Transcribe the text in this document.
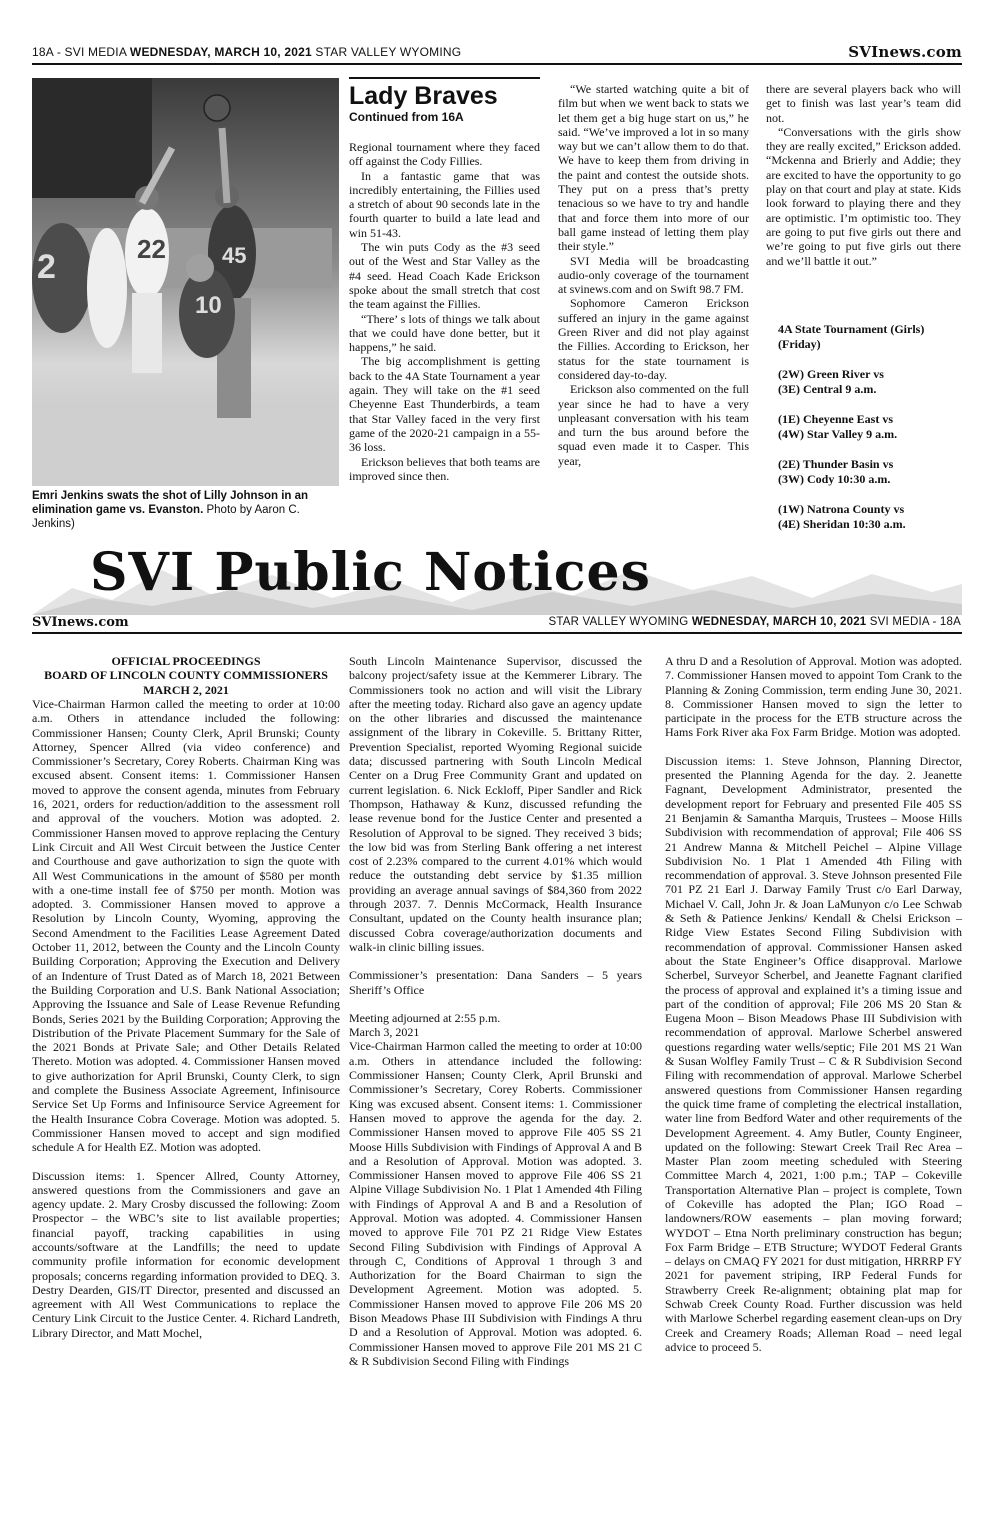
18A - SVI MEDIA WEDNESDAY, MARCH 10, 2021 STAR VALLEY WYOMING	SVInews.com
22	45
10
2
Emri Jenkins swats the shot of Lilly Johnson in an elimination game vs. Evanston. Photo by Aaron C. Jenkins)
Lady Braves
Continued from 16A

Regional tournament where they faced off against the Cody Fillies.

In a fantastic game that was incredibly entertaining, the Fillies used a stretch of about 90 seconds late in the fourth quarter to build a late lead and win 51-43.

The win puts Cody as the #3 seed out of the West and Star Valley as the #4 seed. Head Coach Kade Erickson spoke about the small stretch that cost the team against the Fillies.

“There’ s lots of things we talk about that we could have done better, but it happens,” he said.

The big accomplishment is getting back to the 4A State Tournament a year again. They will take on the #1 seed Cheyenne East Thunderbirds, a team that Star Valley faced in the very first game of the 2020-21 campaign in a 55-36 loss.

Erickson believes that both teams are improved since then.

“We started watching quite a bit of film but when we went back to stats we let them get a big huge start on us,” he said. “We’ve improved a lot in so many way but we can’t allow them to do that. We have to keep them from driving in the paint and contest the outside shots. They put on a press that’s pretty tenacious so we have to try and handle that and force them into more of our ball game instead of letting them play their style.”

SVI Media will be broadcasting audio-only coverage of the tournament at svinews.com and on Swift 98.7 FM.

Sophomore Cameron Erickson suffered an injury in the game against Green River and did not play against the Fillies. According to Erickson, her status for the state tournament is considered day-to-day.

Erickson also commented on the full year since he had to have a very unpleasant conversation with his team and turn the bus around before the squad even made it to Casper. This year,

there are several players back who will get to finish was last year’s team did not.

“Conversations with the girls show they are really excited,” Erickson added. “Mckenna and Brierly and Addie; they are excited to have the opportunity to go play on that court and play at state. Kids look forward to playing there and they are optimistic. I’m optimistic too. They are going to put five girls out there and we’re going to put five girls out there and we’ll battle it out.”

4A State Tournament (Girls)
(Friday)
(2W) Green River vs
(3E) Central 9 a.m.
(1E) Cheyenne East vs
(4W) Star Valley 9 a.m.
(2E) Thunder Basin vs
(3W) Cody 10:30 a.m.
(1W) Natrona County vs
(4E) Sheridan 10:30 a.m.
SVI Public Notices
SVInews.com	STAR VALLEY WYOMING WEDNESDAY, MARCH 10, 2021 SVI MEDIA - 18A
OFFICIAL PROCEEDINGS
BOARD OF LINCOLN COUNTY COMMISSIONERS
MARCH 2, 2021

Vice-Chairman Harmon called the meeting to order at 10:00 a.m. Others in attendance included the following: Commissioner Hansen; County Clerk, April Brunski; County Attorney, Spencer Allred (via video conference) and Commissioner’s Secretary, Corey Roberts. Chairman King was excused absent. Consent items: 1. Commissioner Hansen moved to approve the consent agenda, minutes from February 16, 2021, orders for reduction/addition to the assessment roll and approval of the vouchers. Motion was adopted. 2. Commissioner Hansen moved to approve replacing the Century Link Circuit and All West Circuit between the Justice Center and Courthouse and gave authorization to sign the quote with All West Communications in the amount of $580 per month with a one-time install fee of $750 per month. Motion was adopted. 3. Commissioner Hansen moved to approve a Resolution by Lincoln County, Wyoming, approving the Second Amendment to the Facilities Lease Agreement Dated October 11, 2012, between the County and the Lincoln County Building Corporation; Approving the Execution and Delivery of an Indenture of Trust Dated as of March 18, 2021 Between the Building Corporation and U.S. Bank National Association; Approving the Issuance and Sale of Lease Revenue Refunding Bonds, Series 2021 by the Building Corporation; Approving the Distribution of the Private Placement Summary for the Sale of the 2021 Bonds at Private Sale; and Other Details Related Thereto. Motion was adopted. 4. Commissioner Hansen moved to give authorization for April Brunski, County Clerk, to sign and complete the Business Associate Agreement, Infinisource Service Set Up Forms and Infinisource Service Agreement for the Health Insurance Cobra Coverage. Motion was adopted. 5. Commissioner Hansen moved to accept and sign modified schedule A for Health EZ. Motion was adopted.

Discussion items: 1. Spencer Allred, County Attorney, answered questions from the Commissioners and gave an agency update. 2. Mary Crosby discussed the following: Zoom Prospector – the WBC’s site to list available properties; financial payoff, tracking capabilities in using accounts/software at the Landfills; the need to update community profile information for economic development proposals; concerns regarding information provided to DEQ. 3. Destry Dearden, GIS/IT Director, presented and discussed an agreement with All West Communications to replace the Century Link Circuit to the Justice Center. 4. Richard Landreth, Library Director, and Matt Mochel,

South Lincoln Maintenance Supervisor, discussed the balcony project/safety issue at the Kemmerer Library. The Commissioners took no action and will visit the Library after the meeting today. Richard also gave an agency update on the other libraries and discussed the maintenance assignment of the library in Cokeville. 5. Brittany Ritter, Prevention Specialist, reported Wyoming Regional suicide data; discussed partnering with South Lincoln Medical Center on a Drug Free Community Grant and updated on current legislation. 6. Nick Eckloff, Piper Sandler and Rick Thompson, Hathaway & Kunz, discussed refunding the lease revenue bond for the Justice Center and presented a Resolution of Approval to be signed. They received 3 bids; the low bid was from Sterling Bank offering a net interest cost of 2.23% compared to the current 4.01% which would reduce the outstanding debt service by $1.35 million providing an average annual savings of $84,360 from 2022 through 2037. 7. Dennis McCormack, Health Insurance Consultant, updated on the County health insurance plan; discussed Cobra coverage/authorization documents and walk-in clinic billing issues.

Commissioner’s presentation: Dana Sanders – 5 years Sheriff’s Office

Meeting adjourned at 2:55 p.m.
March 3, 2021
Vice-Chairman Harmon called the meeting to order at 10:00 a.m. Others in attendance included the following: Commissioner Hansen; County Clerk, April Brunski and Commissioner’s Secretary, Corey Roberts. Commissioner King was excused absent. Consent items: 1. Commissioner Hansen moved to approve the agenda for the day. 2. Commissioner Hansen moved to approve File 405 SS 21 Moose Hills Subdivision with Findings of Approval A and B and a Resolution of Approval. Motion was adopted. 3. Commissioner Hansen moved to approve File 406 SS 21 Alpine Village Subdivision No. 1 Plat 1 Amended 4th Filing with Findings of Approval A and B and a Resolution of Approval. Motion was adopted. 4. Commissioner Hansen moved to approve File 701 PZ 21 Ridge View Estates Second Filing Subdivision with Findings of Approval A through C, Conditions of Approval 1 through 3 and Authorization for the Board Chairman to sign the Development Agreement. Motion was adopted. 5. Commissioner Hansen moved to approve File 206 MS 20 Bison Meadows Phase III Subdivision with Findings A thru D and a Resolution of Approval. Motion was adopted. 6. Commissioner Hansen moved to approve File 201 MS 21 C & R Subdivision Second Filing with Findings

A thru D and a Resolution of Approval. Motion was adopted. 7. Commissioner Hansen moved to appoint Tom Crank to the Planning & Zoning Commission, term ending June 30, 2021. 8. Commissioner Hansen moved to sign the letter to participate in the process for the ETB structure across the Hams Fork River aka Fox Farm Bridge. Motion was adopted.

Discussion items: 1. Steve Johnson, Planning Director, presented the Planning Agenda for the day. 2. Jeanette Fagnant, Development Administrator, presented the development report for February and presented File 405 SS 21 Benjamin & Samantha Marquis, Trustees – Moose Hills Subdivision with recommendation of approval; File 406 SS 21 Andrew Manna & Mitchell Peichel – Alpine Village Subdivision No. 1 Plat 1 Amended 4th Filing with recommendation of approval. 3. Steve Johnson presented File 701 PZ 21 Earl J. Darway Family Trust c/o Earl Darway, Michael V. Call, John Jr. & Joan LaMunyon c/o Lee Schwab & Seth & Patience Jenkins/ Kendall & Chelsi Erickson – Ridge View Estates Second Filing Subdivision with recommendation of approval. Commissioner Hansen asked about the State Engineer’s Office disapproval. Marlowe Scherbel, Surveyor Scherbel, and Jeanette Fagnant clarified the process of approval and explained it’s a timing issue and part of the condition of approval; File 206 MS 20 Stan & Eugena Moon – Bison Meadows Phase III Subdivision with recommendation of approval. Marlowe Scherbel answered questions regarding water wells/septic; File 201 MS 21 Wan & Susan Wolfley Family Trust – C & R Subdivision Second Filing with recommendation of approval. Marlowe Scherbel answered questions from Commissioner Hansen regarding the quick time frame of completing the electrical installation, water line from Bedford Water and other requirements of the Development Agreement. 4. Amy Butler, County Engineer, updated on the following: Stewart Creek Trail Rec Area – Master Plan zoom meeting scheduled with Steering Committee March 4, 2021, 1:00 p.m.; TAP – Cokeville Transportation Alternative Plan – project is complete, Town of Cokeville has adopted the Plan; IGO Road – landowners/ROW easements – plan moving forward; WYDOT – Etna North preliminary construction has begun; Fox Farm Bridge – ETB Structure; WYDOT Federal Grants – delays on CMAQ FY 2021 for dust mitigation, HRRRP FY 2021 for pavement striping, IRP Federal Funds for Strawberry Creek Re-alignment; obtaining plat map for Schwab Creek County Road. Further discussion was held with Marlowe Scherbel regarding easement clean-ups on Dry Creek and Creamery Roads; Alleman Road – need legal advice to proceed 5.
